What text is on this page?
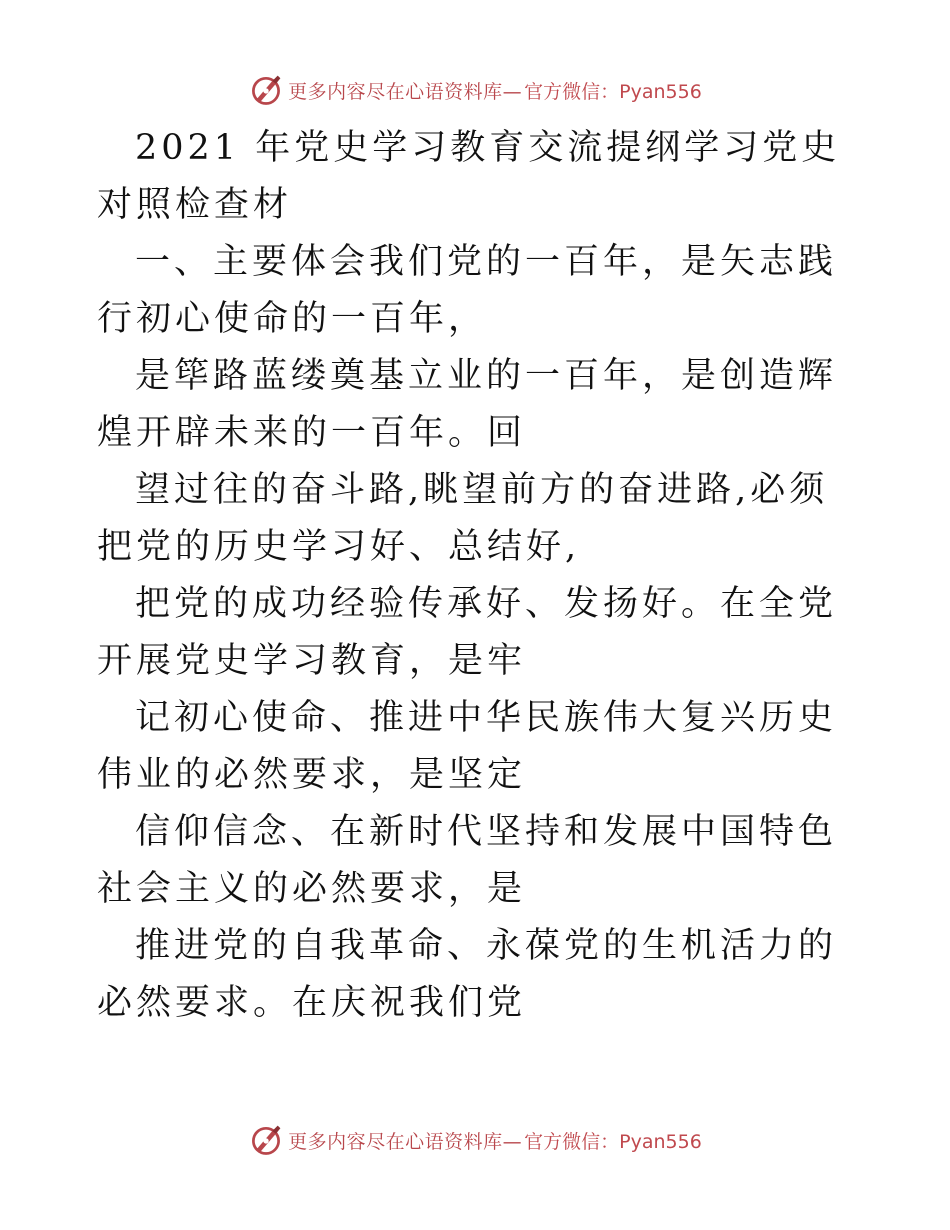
更多内容尽在心语资料库— 官方微信：Pyan556

2021 年党史学习教育交流提纲学习党史对照检查材

一、主要体会我们党的一百年，是矢志践行初心使命的一百年，

是筚路蓝缕奠基立业的一百年，是创造辉煌开辟未来的一百年。回

望过往的奋斗路,眺望前方的奋进路,必须把党的历史学习好、总结好,

把党的成功经验传承好、发扬好。在全党开展党史学习教育，是牢

记初心使命、推进中华民族伟大复兴历史伟业的必然要求，是坚定

信仰信念、在新时代坚持和发展中国特色社会主义的必然要求，是

推进党的自我革命、永葆党的生机活力的必然要求。在庆祝我们党

更多内容尽在心语资料库— 官方微信：Pyan556
